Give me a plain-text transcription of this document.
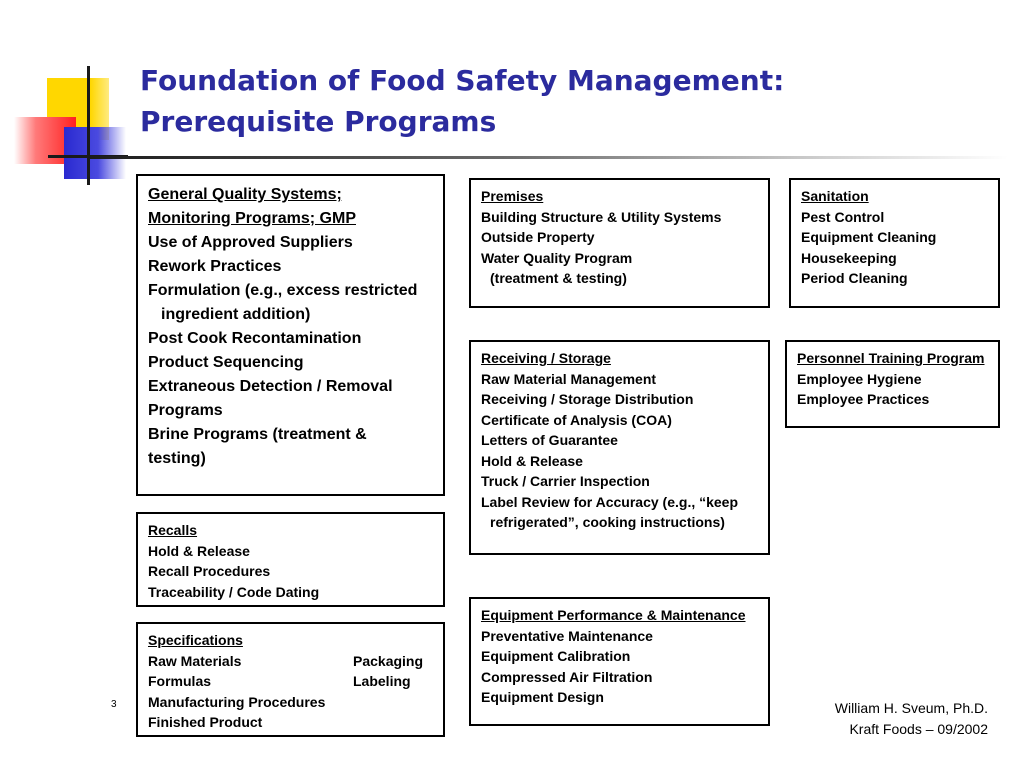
Foundation of Food Safety Management:
Prerequisite Programs
General Quality Systems;
Monitoring Programs; GMP
Use of Approved Suppliers
Rework Practices
Formulation (e.g., excess restricted
ingredient addition)
Post Cook Recontamination
Product Sequencing
Extraneous Detection / Removal
Programs
Brine Programs (treatment &
testing)
Recalls
Hold & Release
Recall Procedures
Traceability / Code Dating
Specifications
Raw Materials	Packaging
Formulas	Labeling
Manufacturing Procedures
Finished Product
Premises
Building Structure & Utility Systems
Outside Property
Water Quality Program
(treatment & testing)
Receiving / Storage
Raw Material Management
Receiving / Storage Distribution
Certificate of Analysis (COA)
Letters of Guarantee
Hold & Release
Truck / Carrier Inspection
Label Review for Accuracy (e.g., “keep
refrigerated”, cooking instructions)
Equipment Performance & Maintenance
Preventative Maintenance
Equipment Calibration
Compressed Air Filtration
Equipment Design
Sanitation
Pest Control
Equipment Cleaning
Housekeeping
Period Cleaning
Personnel Training Program
Employee Hygiene
Employee Practices
3	William H. Sveum, Ph.D.
Kraft Foods – 09/2002
